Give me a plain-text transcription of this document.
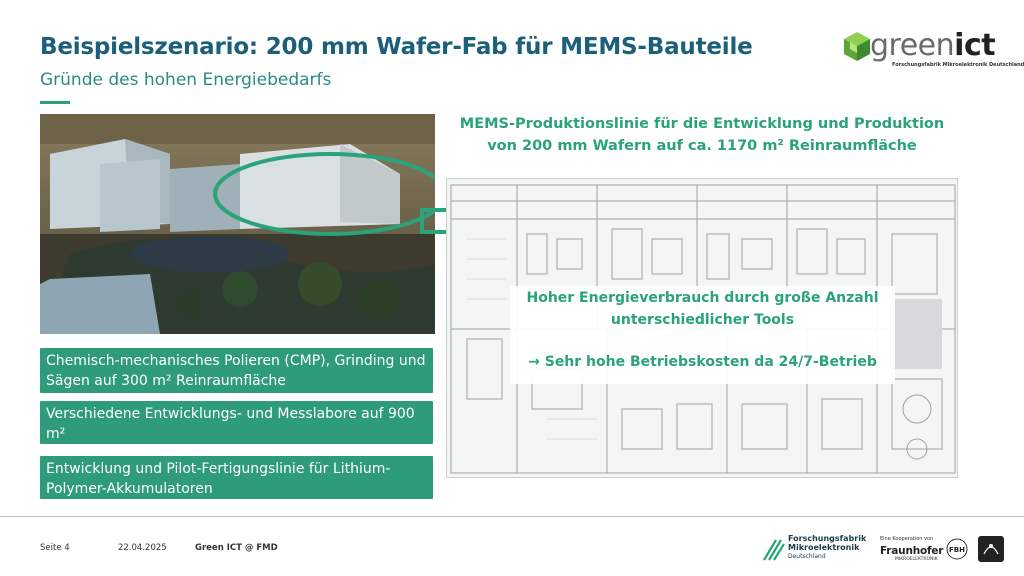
Beispielszenario: 200 mm Wafer-Fab für MEMS-Bauteile
Gründe des hohen Energiebedarfs
greenict
Forschungsfabrik Mikroelektronik Deutschland
Chemisch-mechanisches Polieren (CMP), Grinding und Sägen auf 300 m² Reinraumfläche
Verschiedene Entwicklungs- und Messlabore auf 900 m²
Entwicklung und Pilot-Fertigungslinie für Lithium-Polymer-Akkumulatoren
MEMS-Produktionslinie für die Entwicklung und Produktion von 200 mm Wafern auf ca. 1170 m² Reinraumfläche
Hoher Energieverbrauch durch große Anzahl unterschiedlicher Tools
→ Sehr hohe Betriebskosten da 24/7-Betrieb
Seite 4	22.04.2025	Green ICT @ FMD
Forschungsfabrik
Mikroelektronik
Deutschland
Eine Kooperation von
Fraunhofer
MIKROELEKTRONIK
FBH
